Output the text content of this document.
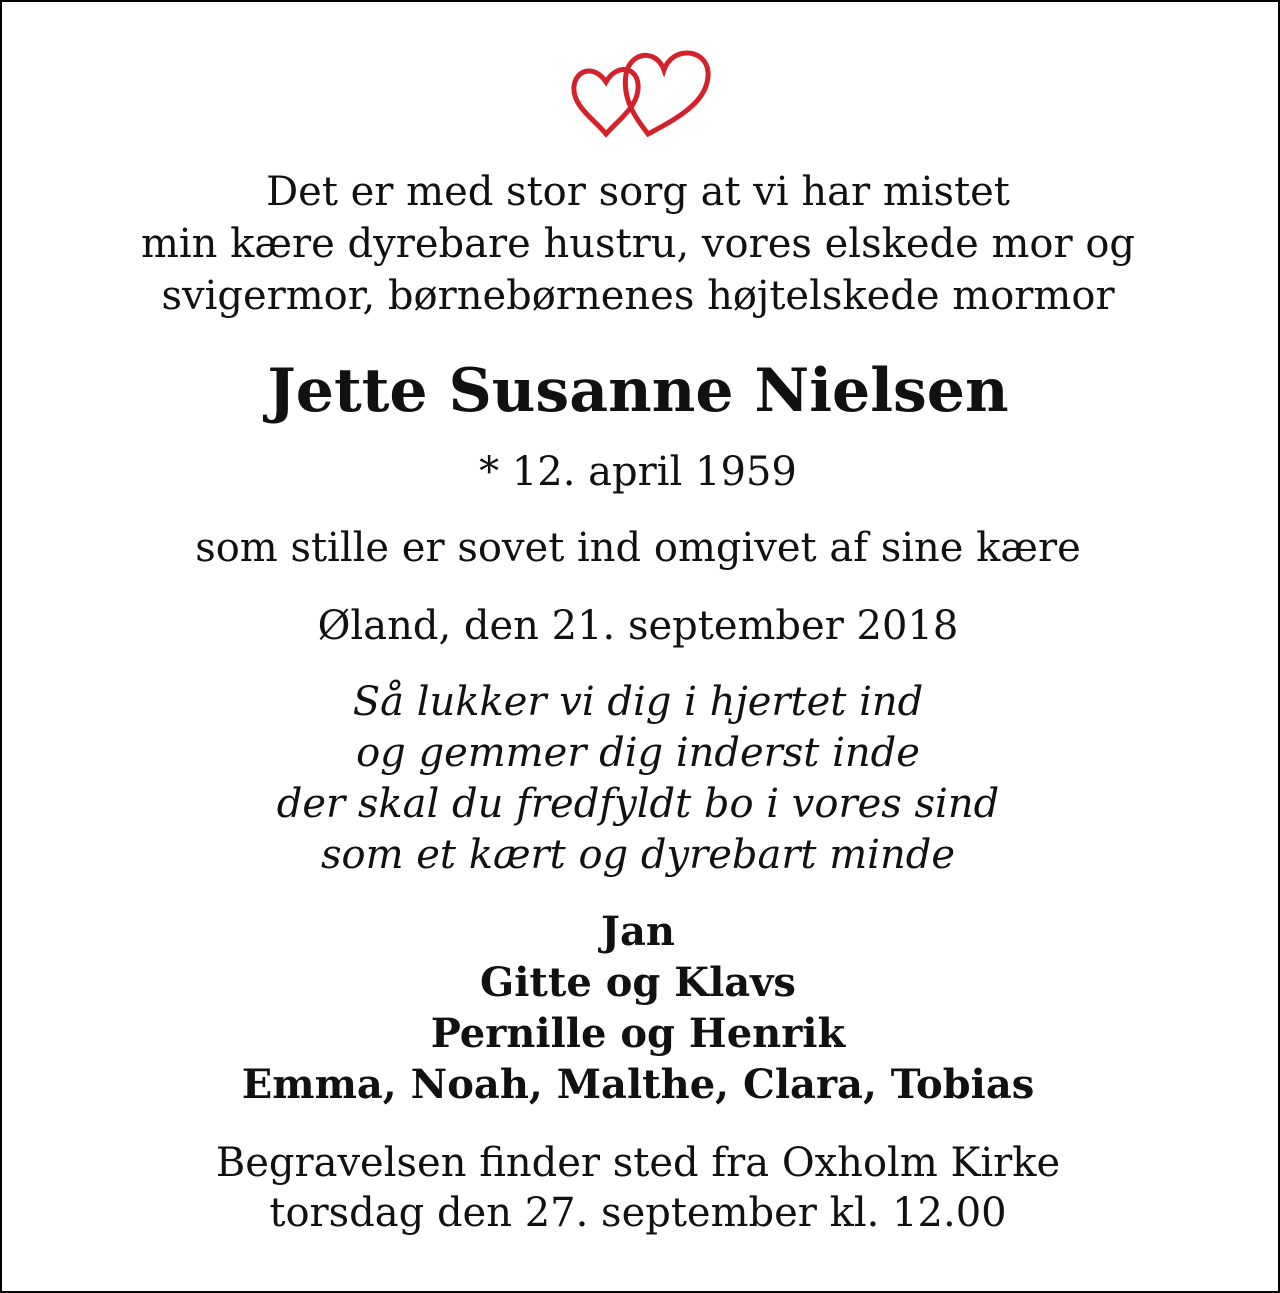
Det er med stor sorg at vi har mistet
min kære dyrebare hustru, vores elskede mor og
svigermor, børnebørnenes højtelskede mormor
Jette Susanne Nielsen
* 12. april 1959
som stille er sovet ind omgivet af sine kære
Øland, den 21. september 2018
Så lukker vi dig i hjertet ind
og gemmer dig inderst inde
der skal du fredfyldt bo i vores sind
som et kært og dyrebart minde
Jan
Gitte og Klavs
Pernille og Henrik
Emma, Noah, Malthe, Clara, Tobias
Begravelsen finder sted fra Oxholm Kirke
torsdag den 27. september kl. 12.00
